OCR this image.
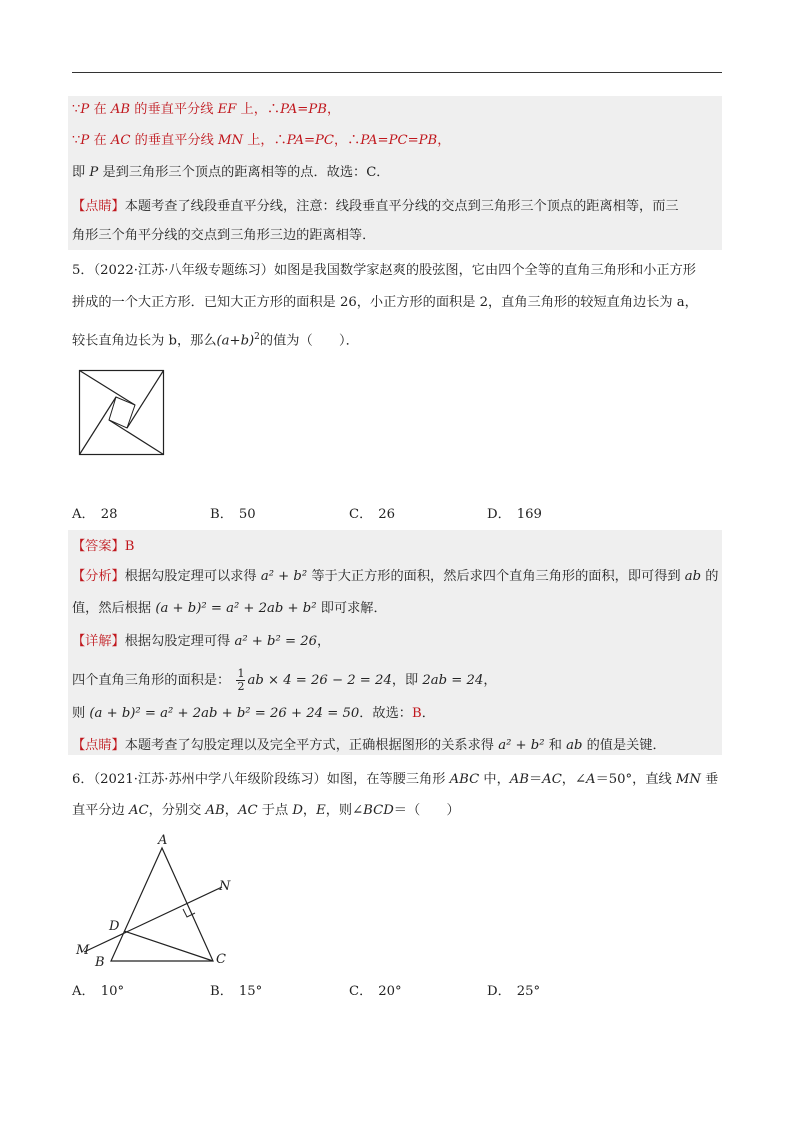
∵P 在 AB 的垂直平分线 EF 上，∴PA=PB，
∵P 在 AC 的垂直平分线 MN 上，∴PA=PC，∴PA=PC=PB，
即 P 是到三角形三个顶点的距离相等的点．故选：C．
【点睛】本题考查了线段垂直平分线，注意：线段垂直平分线的交点到三角形三个顶点的距离相等，而三
角形三个角平分线的交点到三角形三边的距离相等．
5．（2022·江苏·八年级专题练习）如图是我国数学家赵爽的股弦图，它由四个全等的直角三角形和小正方形
拼成的一个大正方形．已知大正方形的面积是 26，小正方形的面积是 2，直角三角形的较短直角边长为 a，
较长直角边长为 b，那么$(a+b)^2$的值为（　　）．
A． 28	B． 50	C． 26	D． 169
【答案】B
【分析】根据勾股定理可以求得 a² + b² 等于大正方形的面积，然后求四个直角三角形的面积，即可得到 ab 的
值，然后根据 (a + b)² = a² + 2ab + b² 即可求解．
【详解】根据勾股定理可得 a² + b² = 26，
四个直角三角形的面积是： $\frac{1}{2}$ ab × 4 = 26 − 2 = 24，即 2ab = 24，
则 (a + b)² = a² + 2ab + b² = 26 + 24 = 50．故选：B．
【点睛】本题考查了勾股定理以及完全平方式，正确根据图形的关系求得 a² + b² 和 ab 的值是关键．
6．（2021·江苏·苏州中学八年级阶段练习）如图，在等腰三角形 ABC 中，AB＝AC，∠A＝50°，直线 MN 垂
直平分边 AC，分别交 AB，AC 于点 D，E，则∠BCD＝（　　）
A
N
D
M
B	C
A． 10°	B． 15°	C． 20°	D． 25°
